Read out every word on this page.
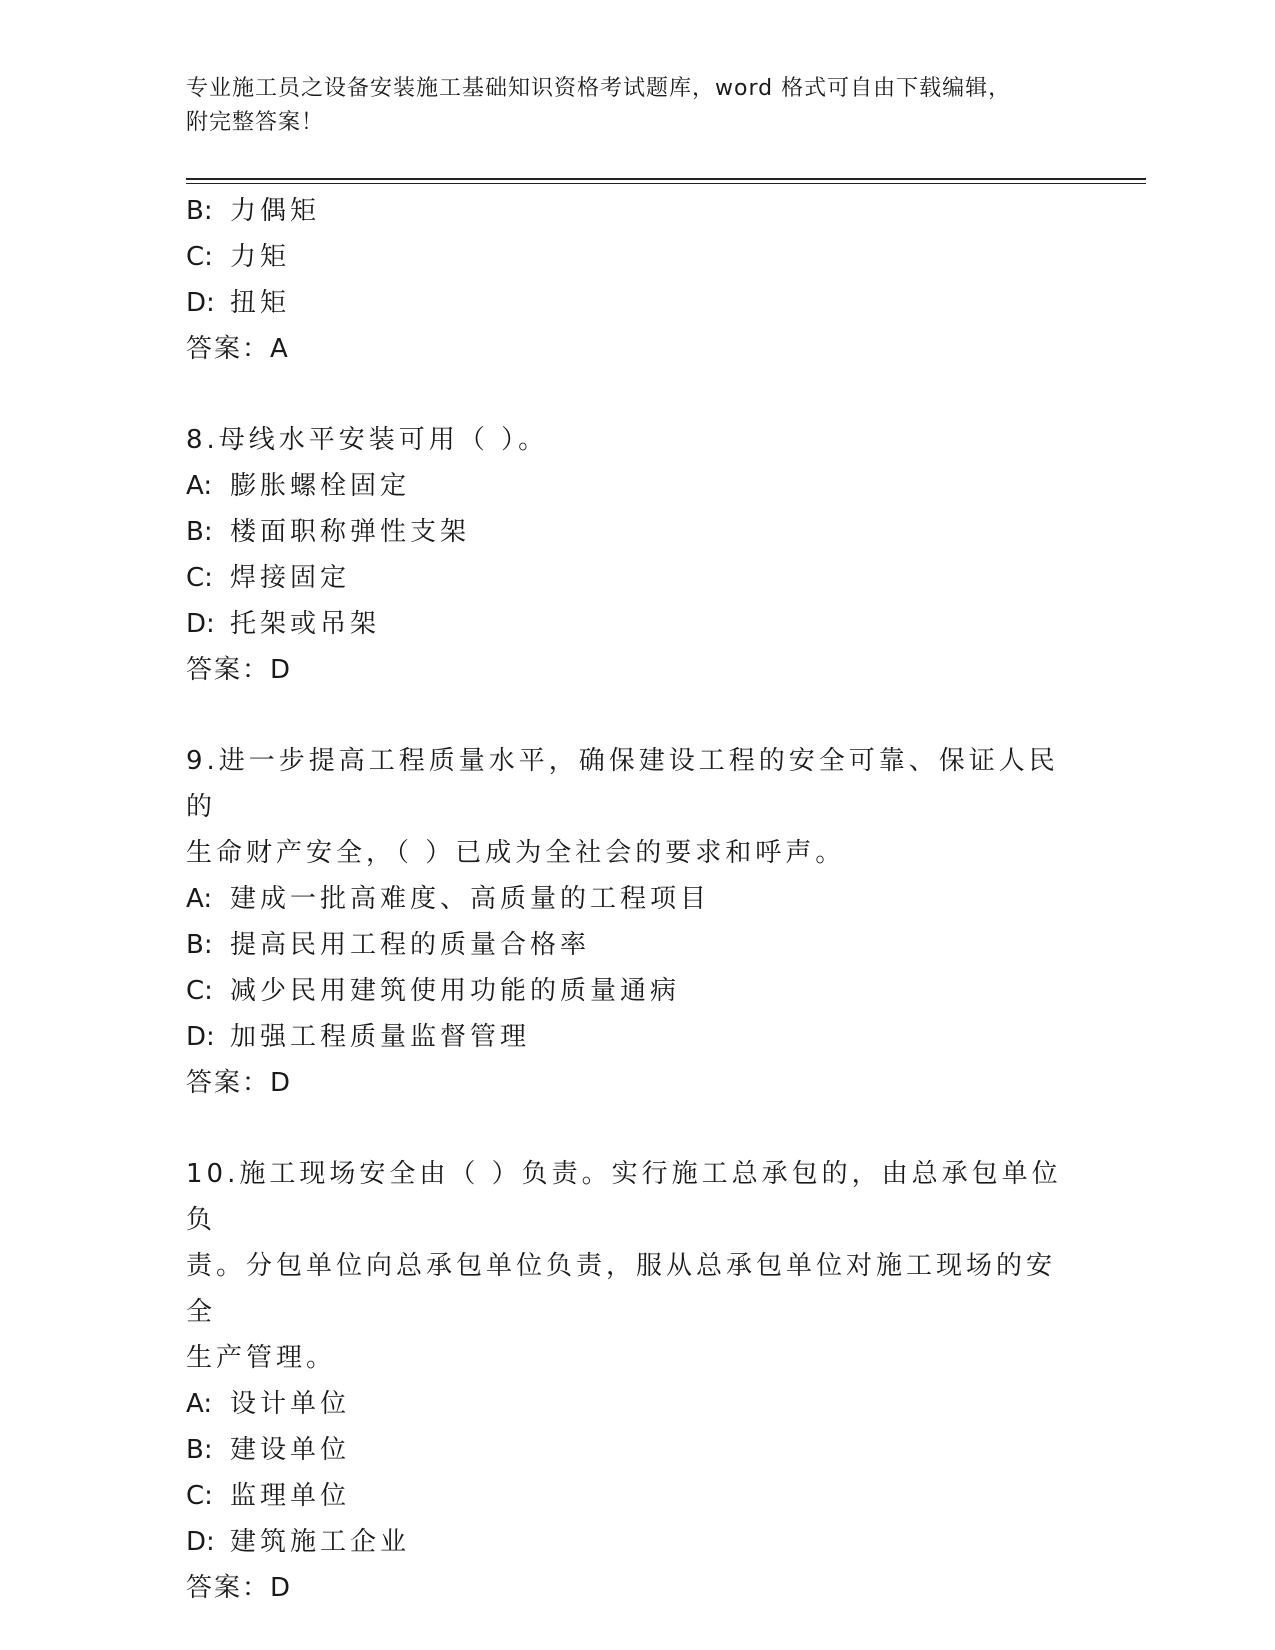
专业施工员之设备安装施工基础知识资格考试题库，word 格式可自由下载编辑，
附完整答案！
B: 力偶矩
C: 力矩
D: 扭矩
答案：A
8.母线水平安装可用（ ）。
A: 膨胀螺栓固定
B: 楼面职称弹性支架
C: 焊接固定
D: 托架或吊架
答案：D
9.进一步提高工程质量水平，确保建设工程的安全可靠、保证人民的
生命财产安全，（ ）已成为全社会的要求和呼声。
A: 建成一批高难度、高质量的工程项目
B: 提高民用工程的质量合格率
C: 减少民用建筑使用功能的质量通病
D: 加强工程质量监督管理
答案：D
10.施工现场安全由（ ）负责。实行施工总承包的，由总承包单位负
责。分包单位向总承包单位负责，服从总承包单位对施工现场的安全
生产管理。
A: 设计单位
B: 建设单位
C: 监理单位
D: 建筑施工企业
答案：D
